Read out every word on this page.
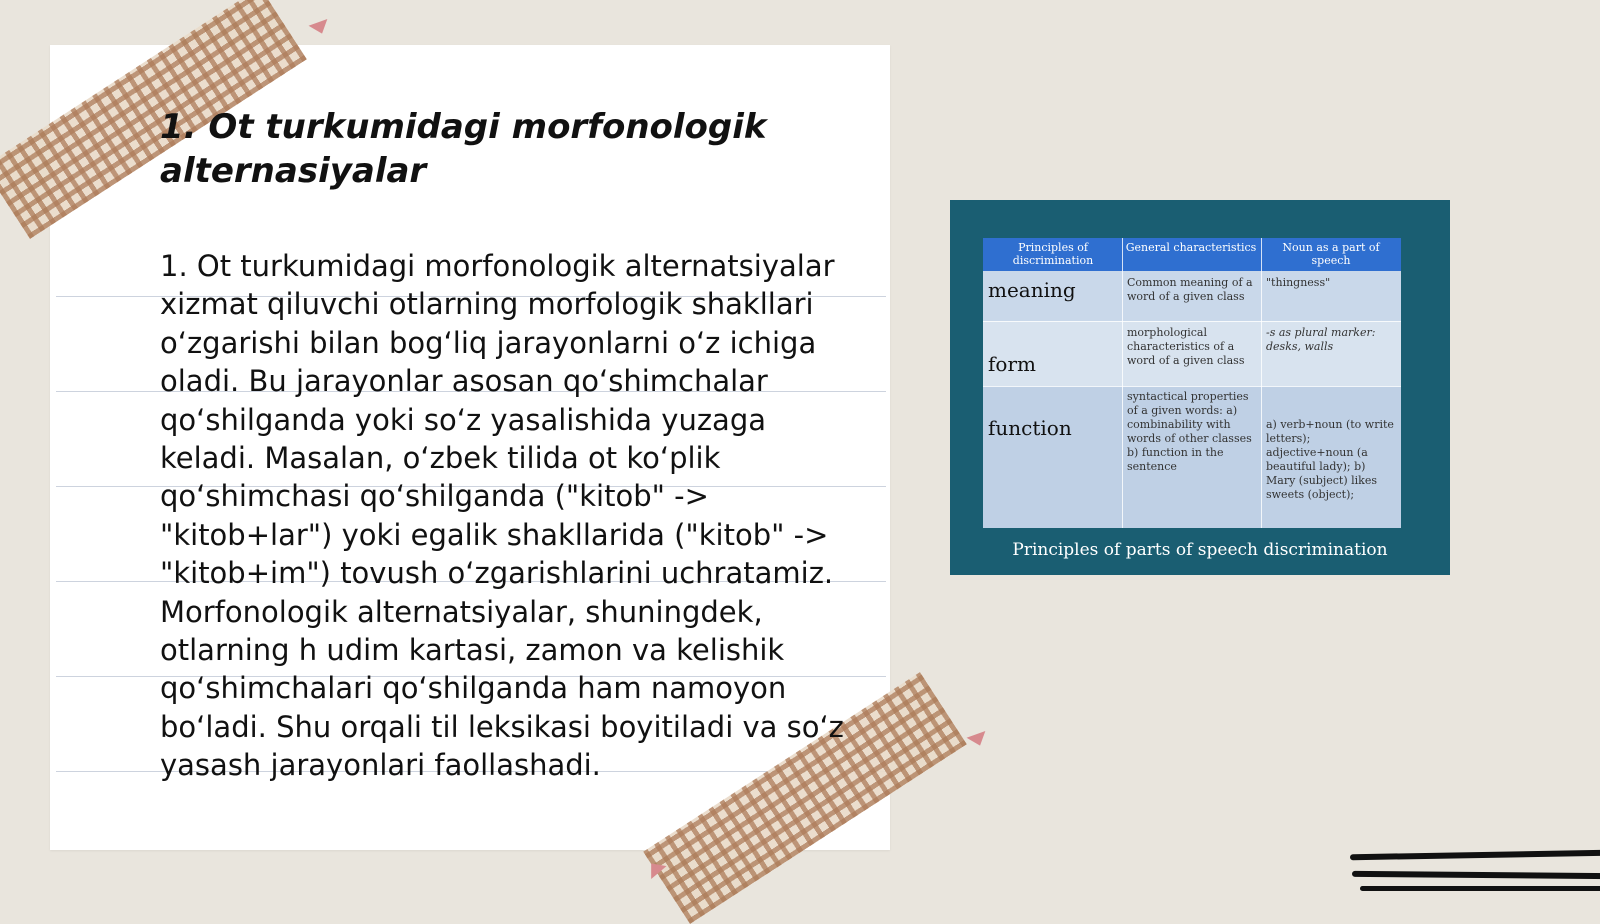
1. Ot turkumidagi morfonologik alternasiyalar

1. Ot turkumidagi morfonologik alternatsiyalar xizmat qiluvchi otlarning morfologik shakllari o‘zgarishi bilan bog‘liq jarayonlarni o‘z ichiga oladi. Bu jarayonlar asosan qo‘shimchalar qo‘shilganda yoki so‘z yasalishida yuzaga keladi. Masalan, o‘zbek tilida ot ko‘plik qo‘shimchasi qo‘shilganda ("kitob" -> "kitob+lar") yoki egalik shakllarida ("kitob" -> "kitob+im") tovush o‘zgarishlarini uchratamiz. Morfonologik alternatsiyalar, shuningdek, otlarning h udim kartasi, zamon va kelishik qo‘shimchalari qo‘shilganda ham namoyon bo‘ladi. Shu orqali til leksikasi boyitiladi va so‘z yasash jarayonlari faollashadi.

Principles of discrimination
General characteristics	Noun as a part of speech
meaning	Common meaning of a word of a given class
"thingness"
form
morphological characteristics of a word of a given class
-s as plural marker: desks, walls
function
syntactical properties of a given words: a) combinability with words of other classes b) function in the sentence
a) verb+noun (to write letters); adjective+noun (a beautiful lady); b) Mary (subject) likes sweets (object);
Principles of parts of speech discrimination
